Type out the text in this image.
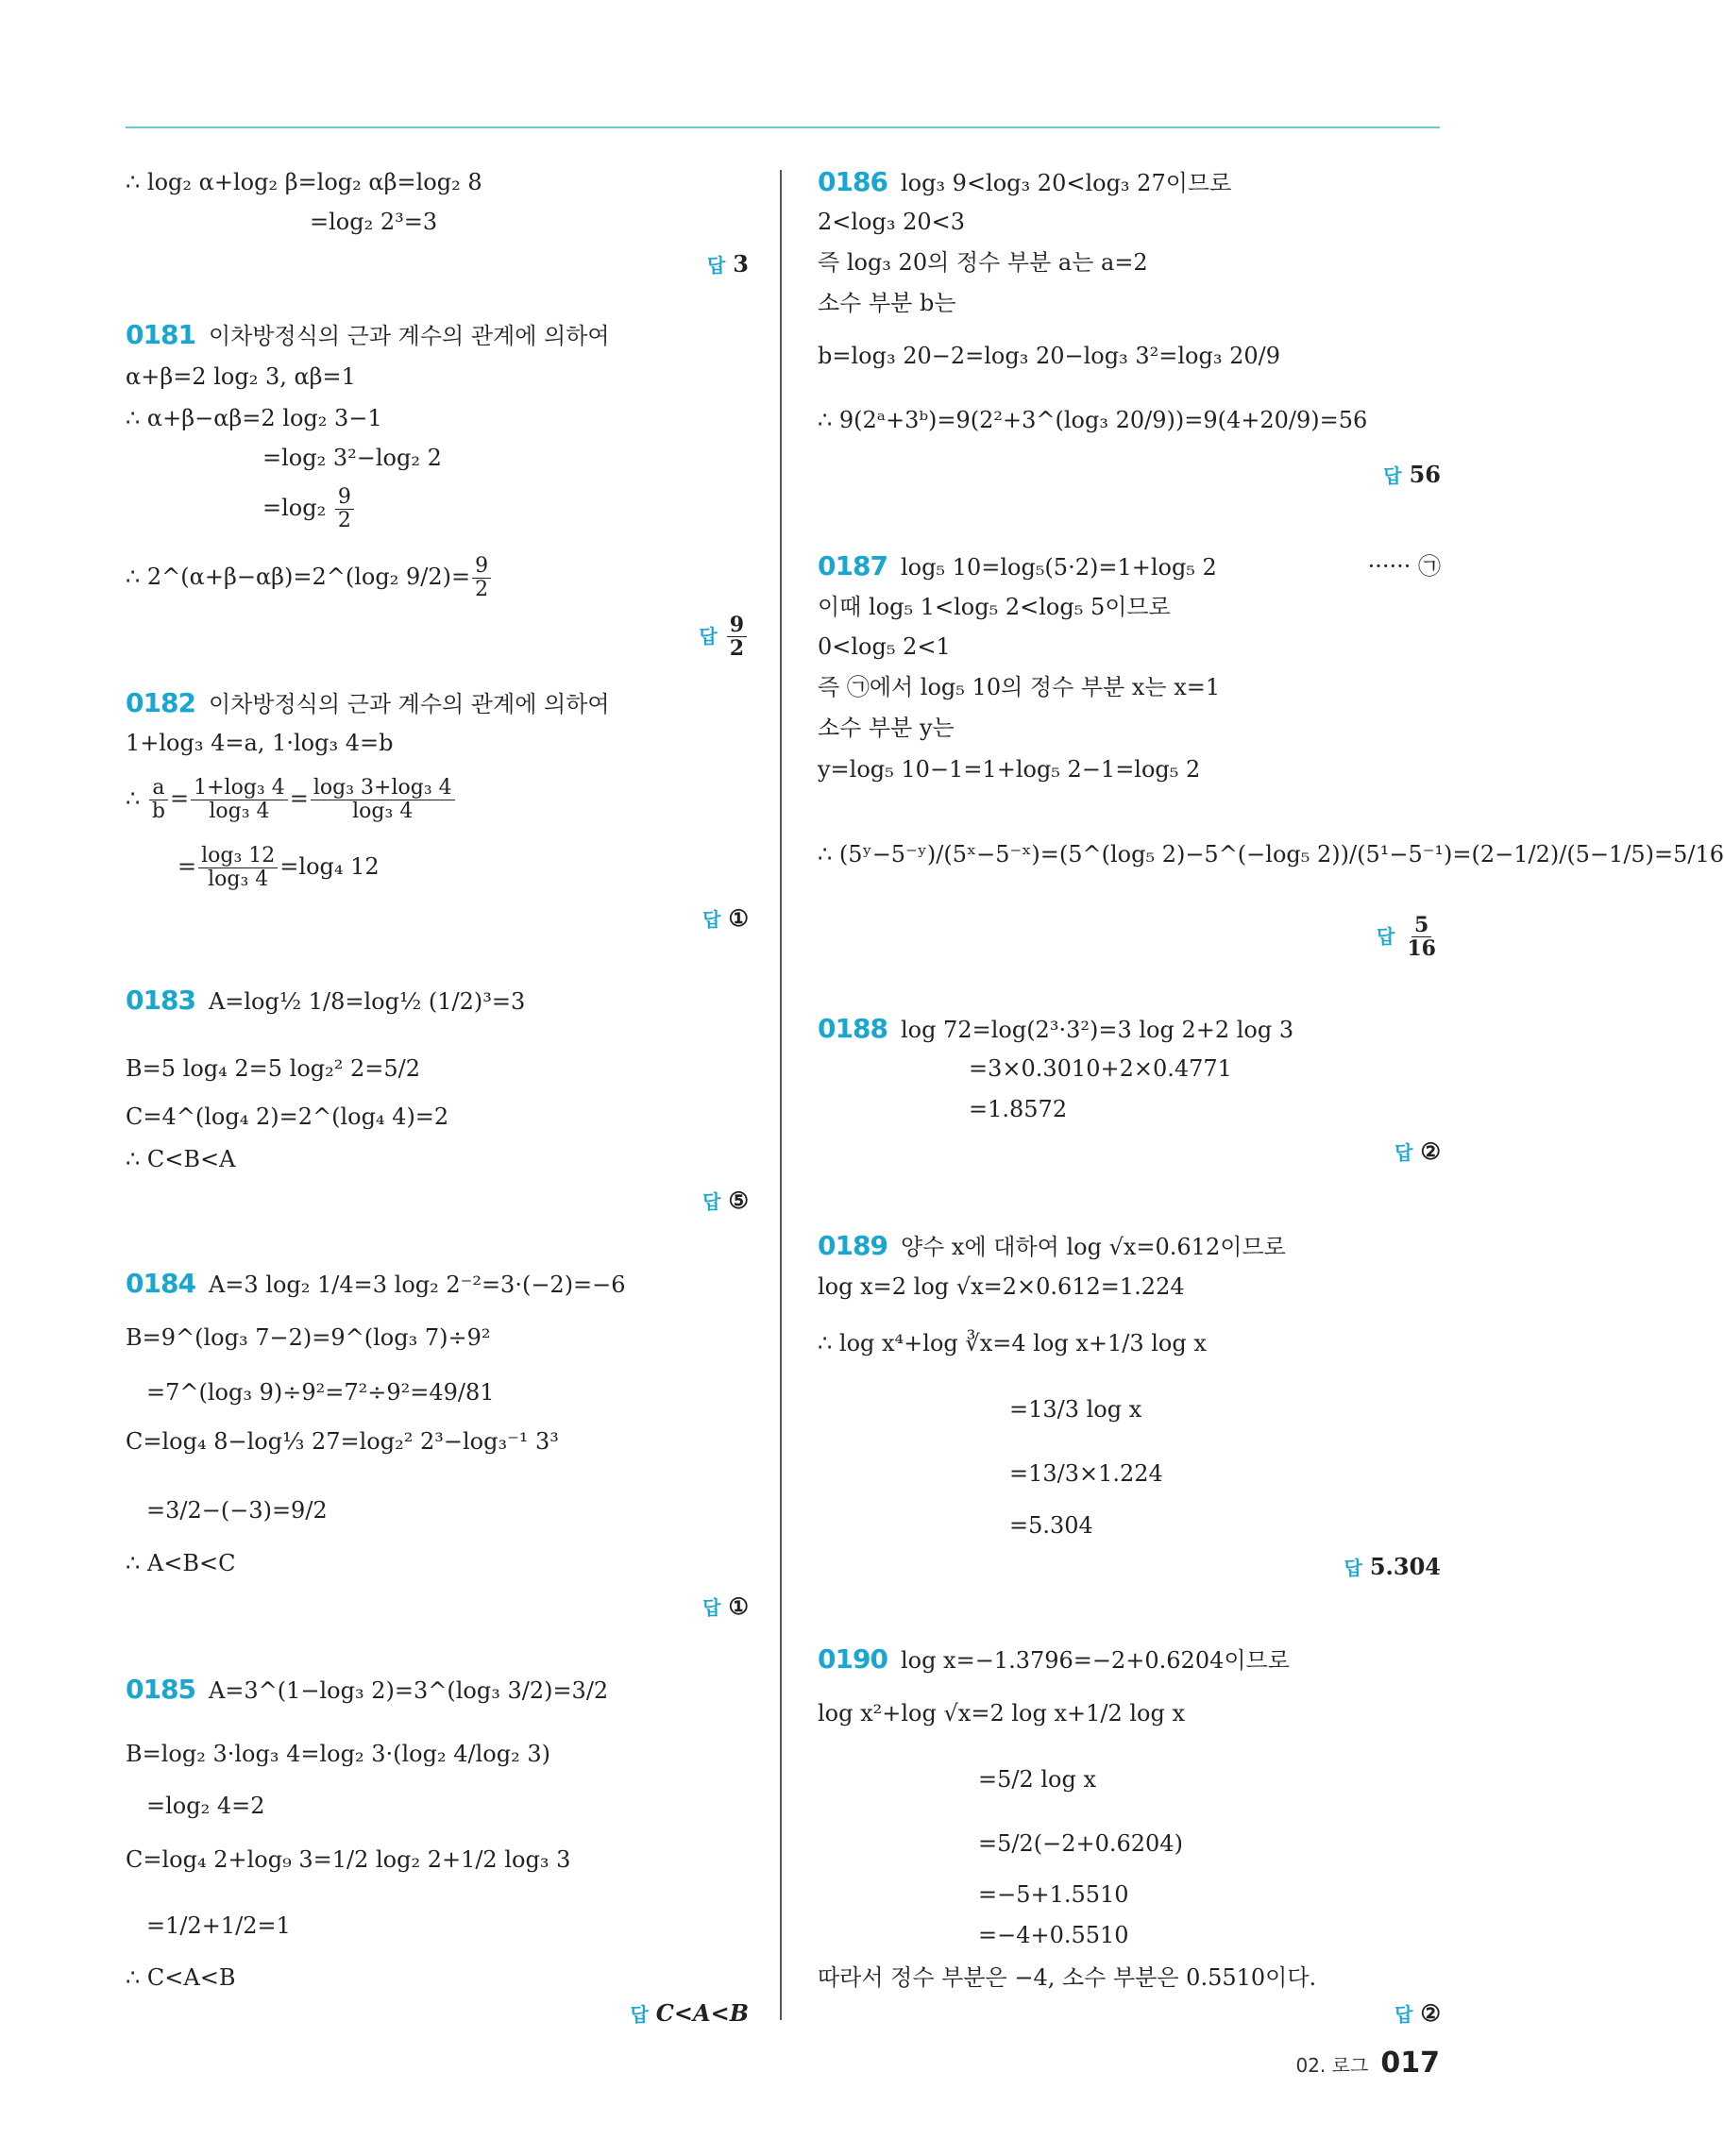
∴ log₂ α+log₂ β=log₂ αβ=log₂ 8
=log₂ 2³=3
답 3
0181 이차방정식의 근과 계수의 관계에 의하여
α+β=2 log₂ 3, αβ=1
∴ α+β−αβ=2 log₂ 3−1
=log₂ 3²−log₂ 2
$=\log_2 \frac{9}{2}$
∴ 2^(α+β−αβ)=2^(log₂ $9/2)= \frac{9}{2}$
답 $\frac{9}{2}$
0182 이차방정식의 근과 계수의 관계에 의하여
1+log₃ 4=a, 1·log₃ 4=b
∴ $\frac{a}{b} = \frac{\text{1+log₃ 4}}{\text{log₃ 4}} = \frac{\text{log₃ 3+log₃ 4}}{\text{log₃ 4}}$
= $\frac{\text{log₃ 12}}{\text{log₃ 4}} =\log_4$ 12
답 ①
0183 A=log½ 1/8=log½ (1/2)³=3
B=5 log₄ 2=5 log₂² 2=5/2
C=4^(log₄ 2)=2^(log₄ 4)=2
∴ C<B<A
답 ⑤
0184 A=3 log₂ 1/4=3 log₂ 2⁻²=3·(−2)=−6
B=9^(log₃ 7−2)=9^(log₃ 7)÷9²
=7^(log₃ 9)÷9²=7²÷9²=49/81
C=log₄ 8−log⅓ 27=log₂² 2³−log₃⁻¹ 3³
=3/2−(−3)=9/2
∴ A<B<C
답 ①
0185 A=3^(1−log₃ 2)=3^(log₃ 3/2)=3/2
B=log₂ 3·log₃ 4=log₂ 3·(log₂ 4/log₂ 3)
=log₂ 4=2
C=log₄ 2+log₉ 3=1/2 log₂ 2+1/2 log₃ 3
=1/2+1/2=1
∴ C<A<B
답 C<A<B
0186 log₃ 9<log₃ 20<log₃ 27이므로
2<log₃ 20<3
즉 log₃ 20의 정수 부분 a는 a=2
소수 부분 b는
b=log₃ 20−2=log₃ 20−log₃ 3²=log₃ 20/9
∴ 9(2ᵃ+3ᵇ)=9(2²+3^(log₃ 20/9))=9(4+20/9)=56
답 56
0187 log₅ 10=log₅(5·2)=1+log₅ 2	······ ㉠
이때 log₅ 1<log₅ 2<log₅ 5이므로
0<log₅ 2<1
즉 ㉠에서 log₅ 10의 정수 부분 x는 x=1
소수 부분 y는
y=log₅ 10−1=1+log₅ 2−1=log₅ 2
∴ (5ʸ−5⁻ʸ)/(5ˣ−5⁻ˣ)=(5^(log₅ 2)−5^(−log₅ 2))/(5¹−5⁻¹)=(2−1/2)/(5−1/5)=5/16
답 $\frac{5}{16}$
0188 log 72=log(2³·3²)=3 log 2+2 log 3
=3×0.3010+2×0.4771
=1.8572
답 ②
0189 양수 x에 대하여 log √x=0.612이므로
log x=2 log √x=2×0.612=1.224
∴ log x⁴+log ∛x=4 log x+1/3 log x
=13/3 log x
=13/3×1.224
=5.304
답 5.304
0190 log x=−1.3796=−2+0.6204이므로
log x²+log √x=2 log x+1/2 log x
=5/2 log x
=5/2(−2+0.6204)
=−5+1.5510
=−4+0.5510
따라서 정수 부분은 −4, 소수 부분은 0.5510이다.
답 ②
02. 로그 017
